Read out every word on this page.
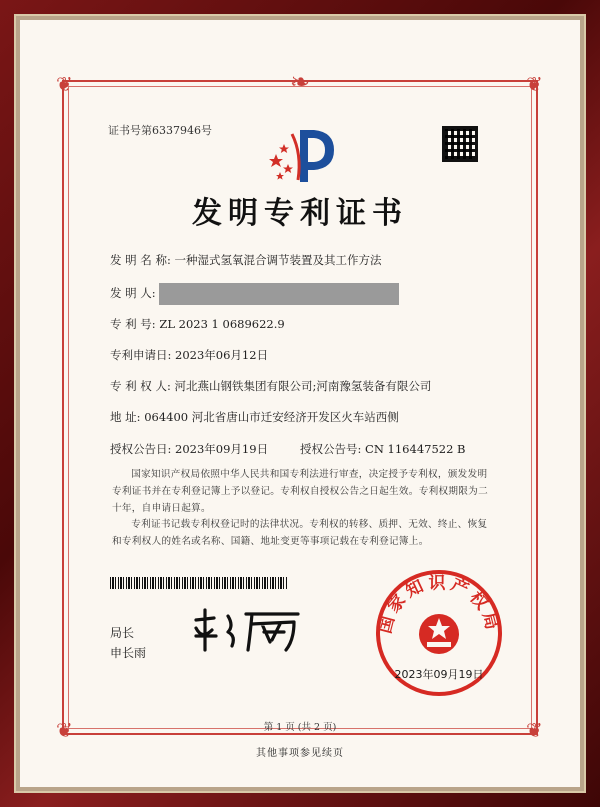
❦	❦
❦	❦
❧
证书号第6337946号
发明专利证书
发 明 名 称: 一种湿式氢氧混合调节装置及其工作方法
发 明 人:
专 利 号: ZL 2023 1 0689622.9
专利申请日: 2023年06月12日
专 利 权 人: 河北燕山钢铁集团有限公司;河南豫氢装备有限公司
地 址: 064400 河北省唐山市迁安经济开发区火车站西侧
授权公告日: 2023年09月19日	授权公告号: CN 116447522 B
国家知识产权局依照中华人民共和国专利法进行审查，决定授予专利权，颁发发明专利证书并在专利登记簿上予以登记。专利权自授权公告之日起生效。专利权期限为二十年，自申请日起算。
专利证书记载专利权登记时的法律状况。专利权的转移、质押、无效、终止、恢复和专利权人的姓名或名称、国籍、地址变更等事项记载在专利登记簿上。
局长
申长雨
国家知识产权局
2023年09月19日
第 1 页 (共 2 页)
其他事项参见续页
